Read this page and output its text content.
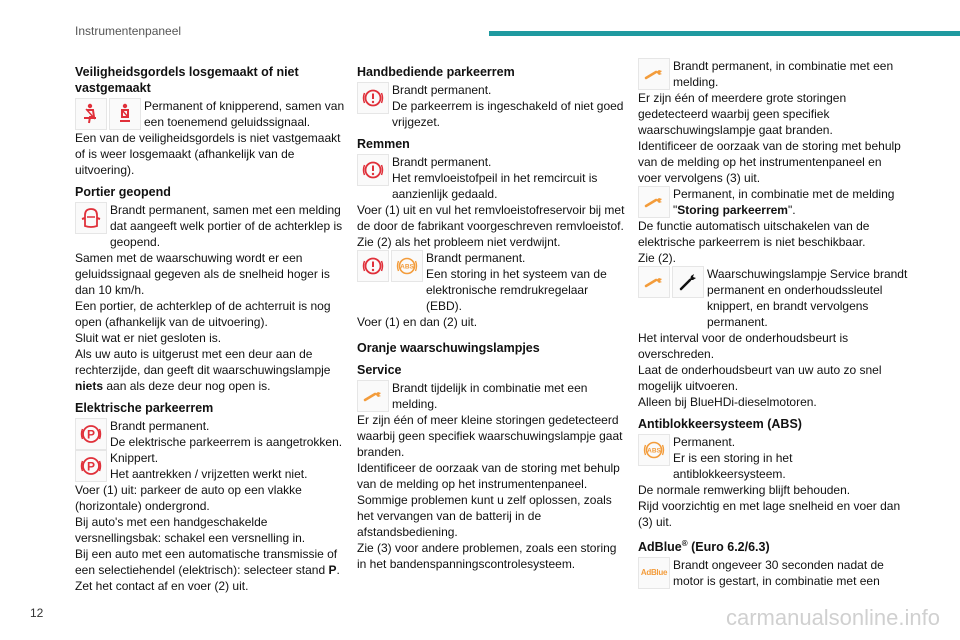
Instrumentenpaneel
Veiligheidsgordels losgemaakt of niet vastgemaakt

Permanent of knipperend, samen van een toenemend geluidssignaal.

Een van de veiligheidsgordels is niet vastgemaakt of is weer losgemaakt (afhankelijk van de uitvoering).

Portier geopend

Brandt permanent, samen met een melding dat aangeeft welk portier of de achterklep is geopend.

Samen met de waarschuwing wordt er een geluidssignaal gegeven als de snelheid hoger is dan 10 km/h.

Een portier, de achterklep of de achterruit is nog open (afhankelijk van de uitvoering).

Sluit wat er niet gesloten is.

Als uw auto is uitgerust met een deur aan de rechterzijde, dan geeft dit waarschuwingslampje niets aan als deze deur nog open is.

Elektrische parkeerrem
P

Brandt permanent.

De elektrische parkeerrem is aangetrokken.

P

Knippert.

Het aantrekken / vrijzetten werkt niet.

Voer (1) uit: parkeer de auto op een vlakke (horizontale) ondergrond.

Bij auto's met een handgeschakelde versnellingsbak: schakel een versnelling in.

Bij een auto met een automatische transmissie of een selectiehendel (elektrisch): selecteer stand P.

Zet het contact af en voer (2) uit.

Handbediende parkeerrem

Brandt permanent.

De parkeerrem is ingeschakeld of niet goed vrijgezet.

Remmen

Brandt permanent.

Het remvloeistofpeil in het remcircuit is aanzienlijk gedaald.

Voer (1) uit en vul het remvloeistofreservoir bij met de door de fabrikant voorgeschreven remvloeistof.

Zie (2) als het probleem niet verdwijnt.

ABS

Brandt permanent.

Een storing in het systeem van de elektronische remdrukregelaar (EBD).

Voer (1) en dan (2) uit.

Oranje waarschuwingslampjes
Service

Brandt tijdelijk in combinatie met een melding.

Er zijn één of meer kleine storingen gedetecteerd waarbij geen specifiek waarschuwingslampje gaat branden.

Identificeer de oorzaak van de storing met behulp van de melding op het instrumentenpaneel.

Sommige problemen kunt u zelf oplossen, zoals het vervangen van de batterij in de afstandsbediening.

Zie (3) voor andere problemen, zoals een storing in het bandenspanningscontrolesysteem.

Brandt permanent, in combinatie met een melding.

Er zijn één of meerdere grote storingen gedetecteerd waarbij geen specifiek waarschuwingslampje gaat branden.

Identificeer de oorzaak van de storing met behulp van de melding op het instrumentenpaneel en voer vervolgens (3) uit.

Permanent, in combinatie met de melding "Storing parkeerrem".

De functie automatisch uitschakelen van de elektrische parkeerrem is niet beschikbaar.

Zie (2).

Waarschuwingslampje Service brandt permanent en onderhoudssleutel knippert, en brandt vervolgens permanent.

Het interval voor de onderhoudsbeurt is overschreden.

Laat de onderhoudsbeurt van uw auto zo snel mogelijk uitvoeren.

Alleen bij BlueHDi-dieselmotoren.

Antiblokkeersysteem (ABS)
ABS

Permanent.

Er is een storing in het antiblokkeersysteem.

De normale remwerking blijft behouden.

Rijd voorzichtig en met lage snelheid en voer dan (3) uit.

AdBlue® (Euro 6.2/6.3)
AdBlue

Brandt ongeveer 30 seconden nadat de motor is gestart, in combinatie met een

12	carmanualsonline.info
